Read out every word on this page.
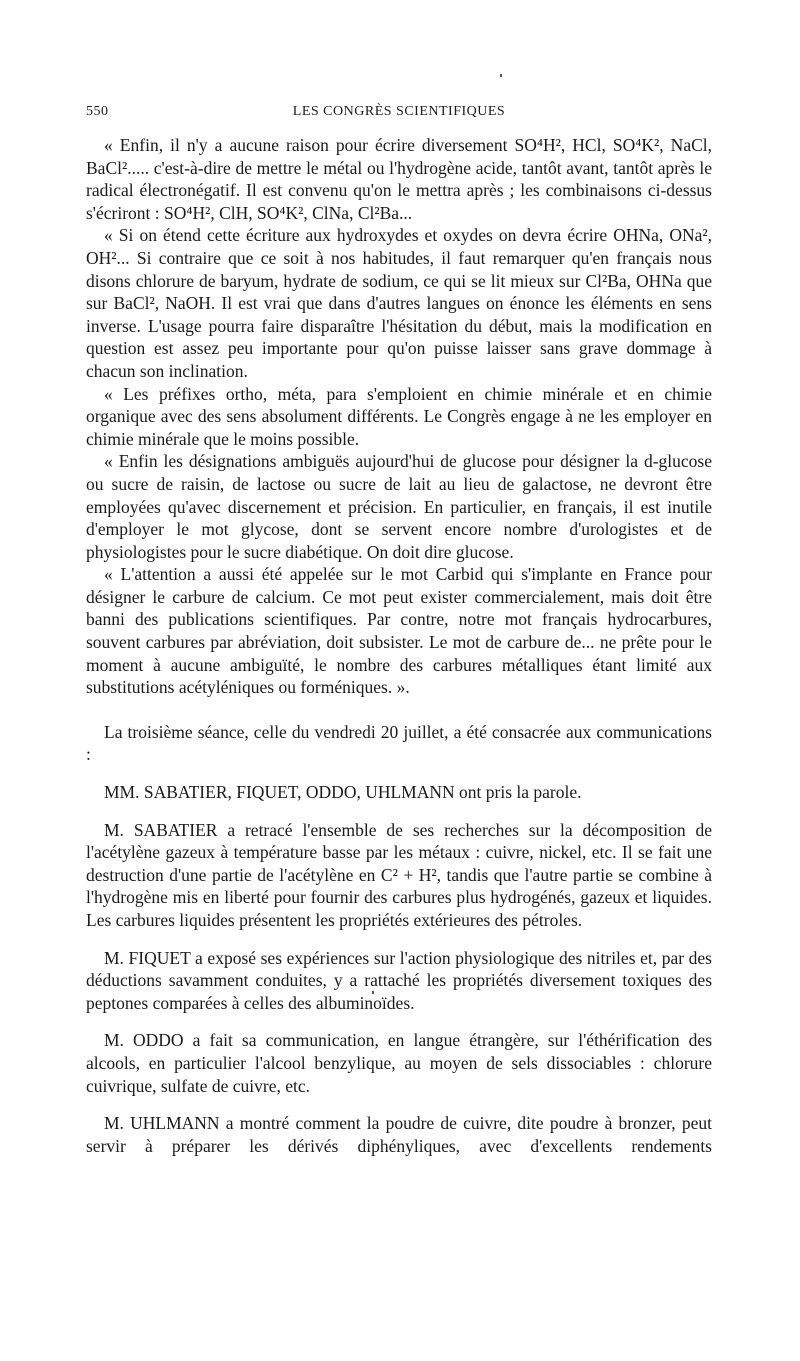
550	LES CONGRÈS SCIENTIFIQUES

« Enfin, il n'y a aucune raison pour écrire diversement SO⁴H², HCl, SO⁴K², NaCl, BaCl²..... c'est-à-dire de mettre le métal ou l'hydrogène acide, tantôt avant, tantôt après le radical électronégatif. Il est convenu qu'on le mettra après ; les combinaisons ci-dessus s'écriront : SO⁴H², ClH, SO⁴K², ClNa, Cl²Ba...

« Si on étend cette écriture aux hydroxydes et oxydes on devra écrire OHNa, ONa², OH²... Si contraire que ce soit à nos habitudes, il faut remarquer qu'en français nous disons chlorure de baryum, hydrate de sodium, ce qui se lit mieux sur Cl²Ba, OHNa que sur BaCl², NaOH. Il est vrai que dans d'autres langues on énonce les éléments en sens inverse. L'usage pourra faire disparaître l'hésitation du début, mais la modification en question est assez peu importante pour qu'on puisse laisser sans grave dommage à chacun son inclination.

« Les préfixes ortho, méta, para s'emploient en chimie minérale et en chimie organique avec des sens absolument différents. Le Congrès engage à ne les employer en chimie minérale que le moins possible.

« Enfin les désignations ambiguës aujourd'hui de glucose pour désigner la d-glucose ou sucre de raisin, de lactose ou sucre de lait au lieu de galactose, ne devront être employées qu'avec discernement et précision. En particulier, en français, il est inutile d'employer le mot glycose, dont se servent encore nombre d'urologistes et de physiologistes pour le sucre diabétique. On doit dire glucose.

« L'attention a aussi été appelée sur le mot Carbid qui s'implante en France pour désigner le carbure de calcium. Ce mot peut exister commercialement, mais doit être banni des publications scientifiques. Par contre, notre mot français hydrocarbures, souvent carbures par abréviation, doit subsister. Le mot de carbure de... ne prête pour le moment à aucune ambiguïté, le nombre des carbures métalliques étant limité aux substitutions acétyléniques ou forméniques. ».

La troisième séance, celle du vendredi 20 juillet, a été consacrée aux communications :

MM. SABATIER, FIQUET, ODDO, UHLMANN ont pris la parole.

M. SABATIER a retracé l'ensemble de ses recherches sur la décomposition de l'acétylène gazeux à température basse par les métaux : cuivre, nickel, etc. Il se fait une destruction d'une partie de l'acétylène en C² + H², tandis que l'autre partie se combine à l'hydrogène mis en liberté pour fournir des carbures plus hydrogénés, gazeux et liquides. Les carbures liquides présentent les propriétés extérieures des pétroles.

M. FIQUET a exposé ses expériences sur l'action physiologique des nitriles et, par des déductions savamment conduites, y a rattaché les propriétés diversement toxiques des peptones comparées à celles des albuminoïdes.

M. ODDO a fait sa communication, en langue étrangère, sur l'éthérification des alcools, en particulier l'alcool benzylique, au moyen de sels dissociables : chlorure cuivrique, sulfate de cuivre, etc.

M. UHLMANN a montré comment la poudre de cuivre, dite poudre à bronzer, peut servir à préparer les dérivés diphényliques, avec d'excellents rendements
